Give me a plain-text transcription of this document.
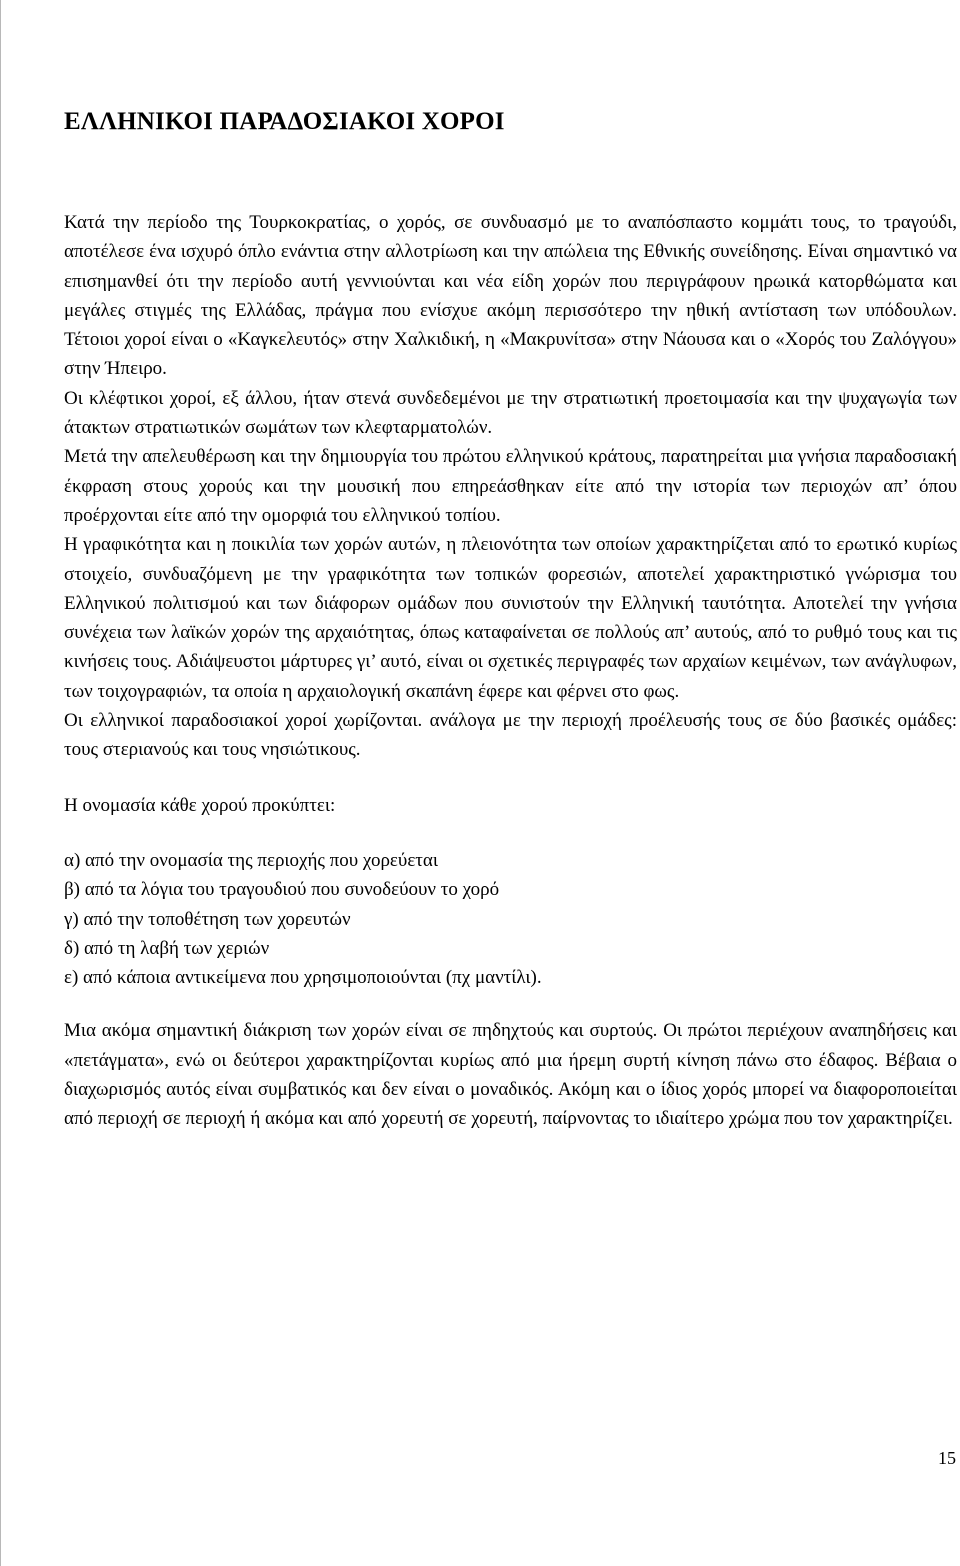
ΕΛΛΗΝΙΚΟΙ ΠΑΡΑΔΟΣΙΑΚΟΙ ΧΟΡΟΙ

Κατά την περίοδο της Τουρκοκρατίας, ο χορός, σε συνδυασμό με το αναπόσπαστο κομμάτι τους, το τραγούδι, αποτέλεσε ένα ισχυρό όπλο ενάντια στην αλλοτρίωση και την απώλεια της Εθνικής συνείδησης. Είναι σημαντικό να επισημανθεί ότι την περίοδο αυτή γεννιούνται και νέα είδη χορών που περιγράφουν ηρωικά κατορθώματα και μεγάλες στιγμές της Ελλάδας, πράγμα που ενίσχυε ακόμη περισσότερο την ηθική αντίσταση των υπόδουλων. Τέτοιοι χοροί είναι ο «Καγκελευτός» στην Χαλκιδική, η «Μακρυνίτσα» στην Νάουσα και ο «Χορός του Ζαλόγγου» στην Ήπειρο.

Οι κλέφτικοι χοροί, εξ άλλου, ήταν στενά συνδεδεμένοι με την στρατιωτική προετοιμασία και την ψυχαγωγία των άτακτων στρατιωτικών σωμάτων των κλεφταρματολών.

Μετά την απελευθέρωση και την δημιουργία του πρώτου ελληνικού κράτους, παρατηρείται μια γνήσια παραδοσιακή έκφραση στους χορούς και την μουσική που επηρεάσθηκαν είτε από την ιστορία των περιοχών απ’ όπου προέρχονται είτε από την ομορφιά του ελληνικού τοπίου.

Η γραφικότητα και η ποικιλία των χορών αυτών, η πλειονότητα των οποίων χαρακτηρίζεται από το ερωτικό κυρίως στοιχείο, συνδυαζόμενη με την γραφικότητα των τοπικών φορεσιών, αποτελεί χαρακτηριστικό γνώρισμα του Ελληνικού πολιτισμού και των διάφορων ομάδων που συνιστούν την Ελληνική ταυτότητα. Αποτελεί την γνήσια συνέχεια των λαϊκών χορών της αρχαιότητας, όπως καταφαίνεται σε πολλούς απ’ αυτούς, από το ρυθμό τους και τις κινήσεις τους. Αδιάψευστοι μάρτυρες γι’ αυτό, είναι οι σχετικές περιγραφές των αρχαίων κειμένων, των ανάγλυφων, των τοιχογραφιών, τα οποία η αρχαιολογική σκαπάνη έφερε και φέρνει στο φως.

Οι ελληνικοί παραδοσιακοί χοροί χωρίζονται. ανάλογα με την περιοχή προέλευσής τους σε δύο βασικές ομάδες: τους στεριανούς και τους νησιώτικους.

Η ονομασία κάθε χορού προκύπτει:

α) από την ονομασία της περιοχής που χορεύεται
β) από τα λόγια του τραγουδιού που συνοδεύουν το χορό
γ) από την τοποθέτηση των χορευτών
δ) από τη λαβή των χεριών
ε) από κάποια αντικείμενα που χρησιμοποιούνται (πχ μαντίλι).

Μια ακόμα σημαντική διάκριση των χορών είναι σε πηδηχτούς και συρτούς. Οι πρώτοι περιέχουν αναπηδήσεις και «πετάγματα», ενώ οι δεύτεροι χαρακτηρίζονται κυρίως από μια ήρεμη συρτή κίνηση πάνω στο έδαφος. Βέβαια ο διαχωρισμός αυτός είναι συμβατικός και δεν είναι ο μοναδικός. Ακόμη και ο ίδιος χορός μπορεί να διαφοροποιείται από περιοχή σε περιοχή ή ακόμα και από χορευτή σε χορευτή, παίρνοντας το ιδιαίτερο χρώμα που τον χαρακτηρίζει.

15
